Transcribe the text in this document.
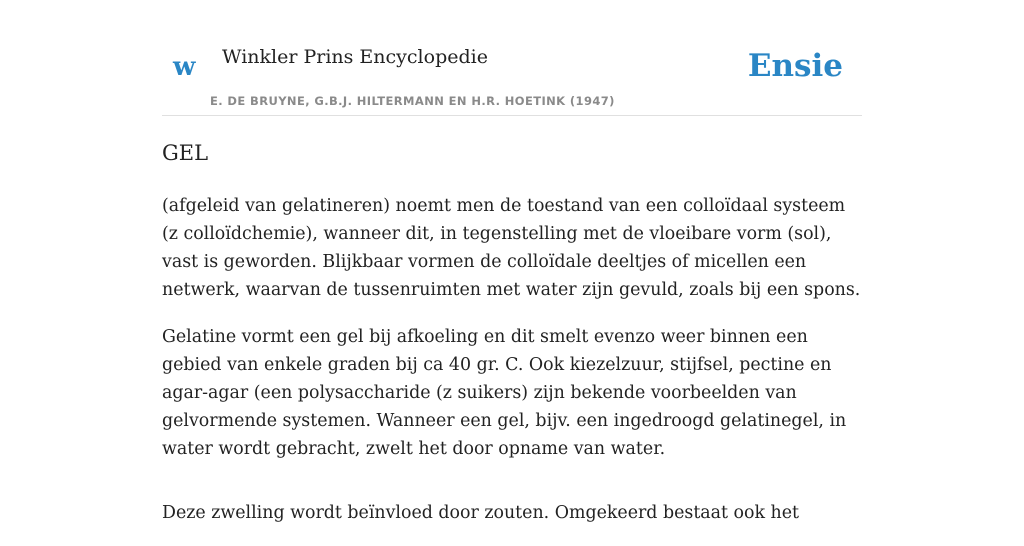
w Winkler Prins Encyclopedie
E. DE BRUYNE, G.B.J. HILTERMANN EN H.R. HOETINK (1947)
Ensie
GEL

(afgeleid van gelatineren) noemt men de toestand van een colloïdaal systeem (z colloïdchemie), wanneer dit, in tegenstelling met de vloeibare vorm (sol), vast is geworden. Blijkbaar vormen de colloïdale deeltjes of micellen een netwerk, waarvan de tussenruimten met water zijn gevuld, zoals bij een spons.

Gelatine vormt een gel bij afkoeling en dit smelt evenzo weer binnen een gebied van enkele graden bij ca 40 gr. C. Ook kiezelzuur, stijfsel, pectine en agar-agar (een polysaccharide (z suikers) zijn bekende voorbeelden van gelvormende systemen. Wanneer een gel, bijv. een ingedroogd gelatinegel, in water wordt gebracht, zwelt het door opname van water.

Deze zwelling wordt beïnvloed door zouten. Omgekeerd bestaat ook het
